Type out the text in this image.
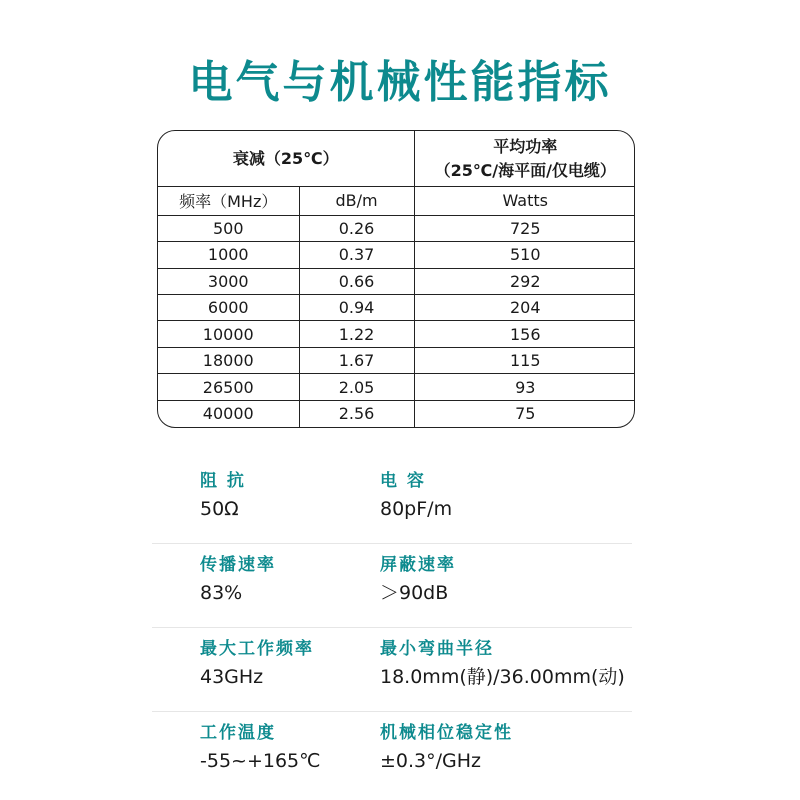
电气与机械性能指标
衰减（25℃）		平均功率
（25℃/海平面/仅电缆）

频率（MHz）	dB/m	Watts
500	0.26	725
1000	0.37	510
3000	0.66	292
6000	0.94	204
10000	1.22	156
18000	1.67	115
26500	2.05	93
40000	2.56	75
阻 抗
50Ω
电 容
80pF/m
传播速率
83%
屏蔽速率
＞90dB
最大工作频率
43GHz
最小弯曲半径
18.0mm(静)/36.00mm(动)
工作温度
-55~+165℃
机械相位稳定性
±0.3°/GHz
